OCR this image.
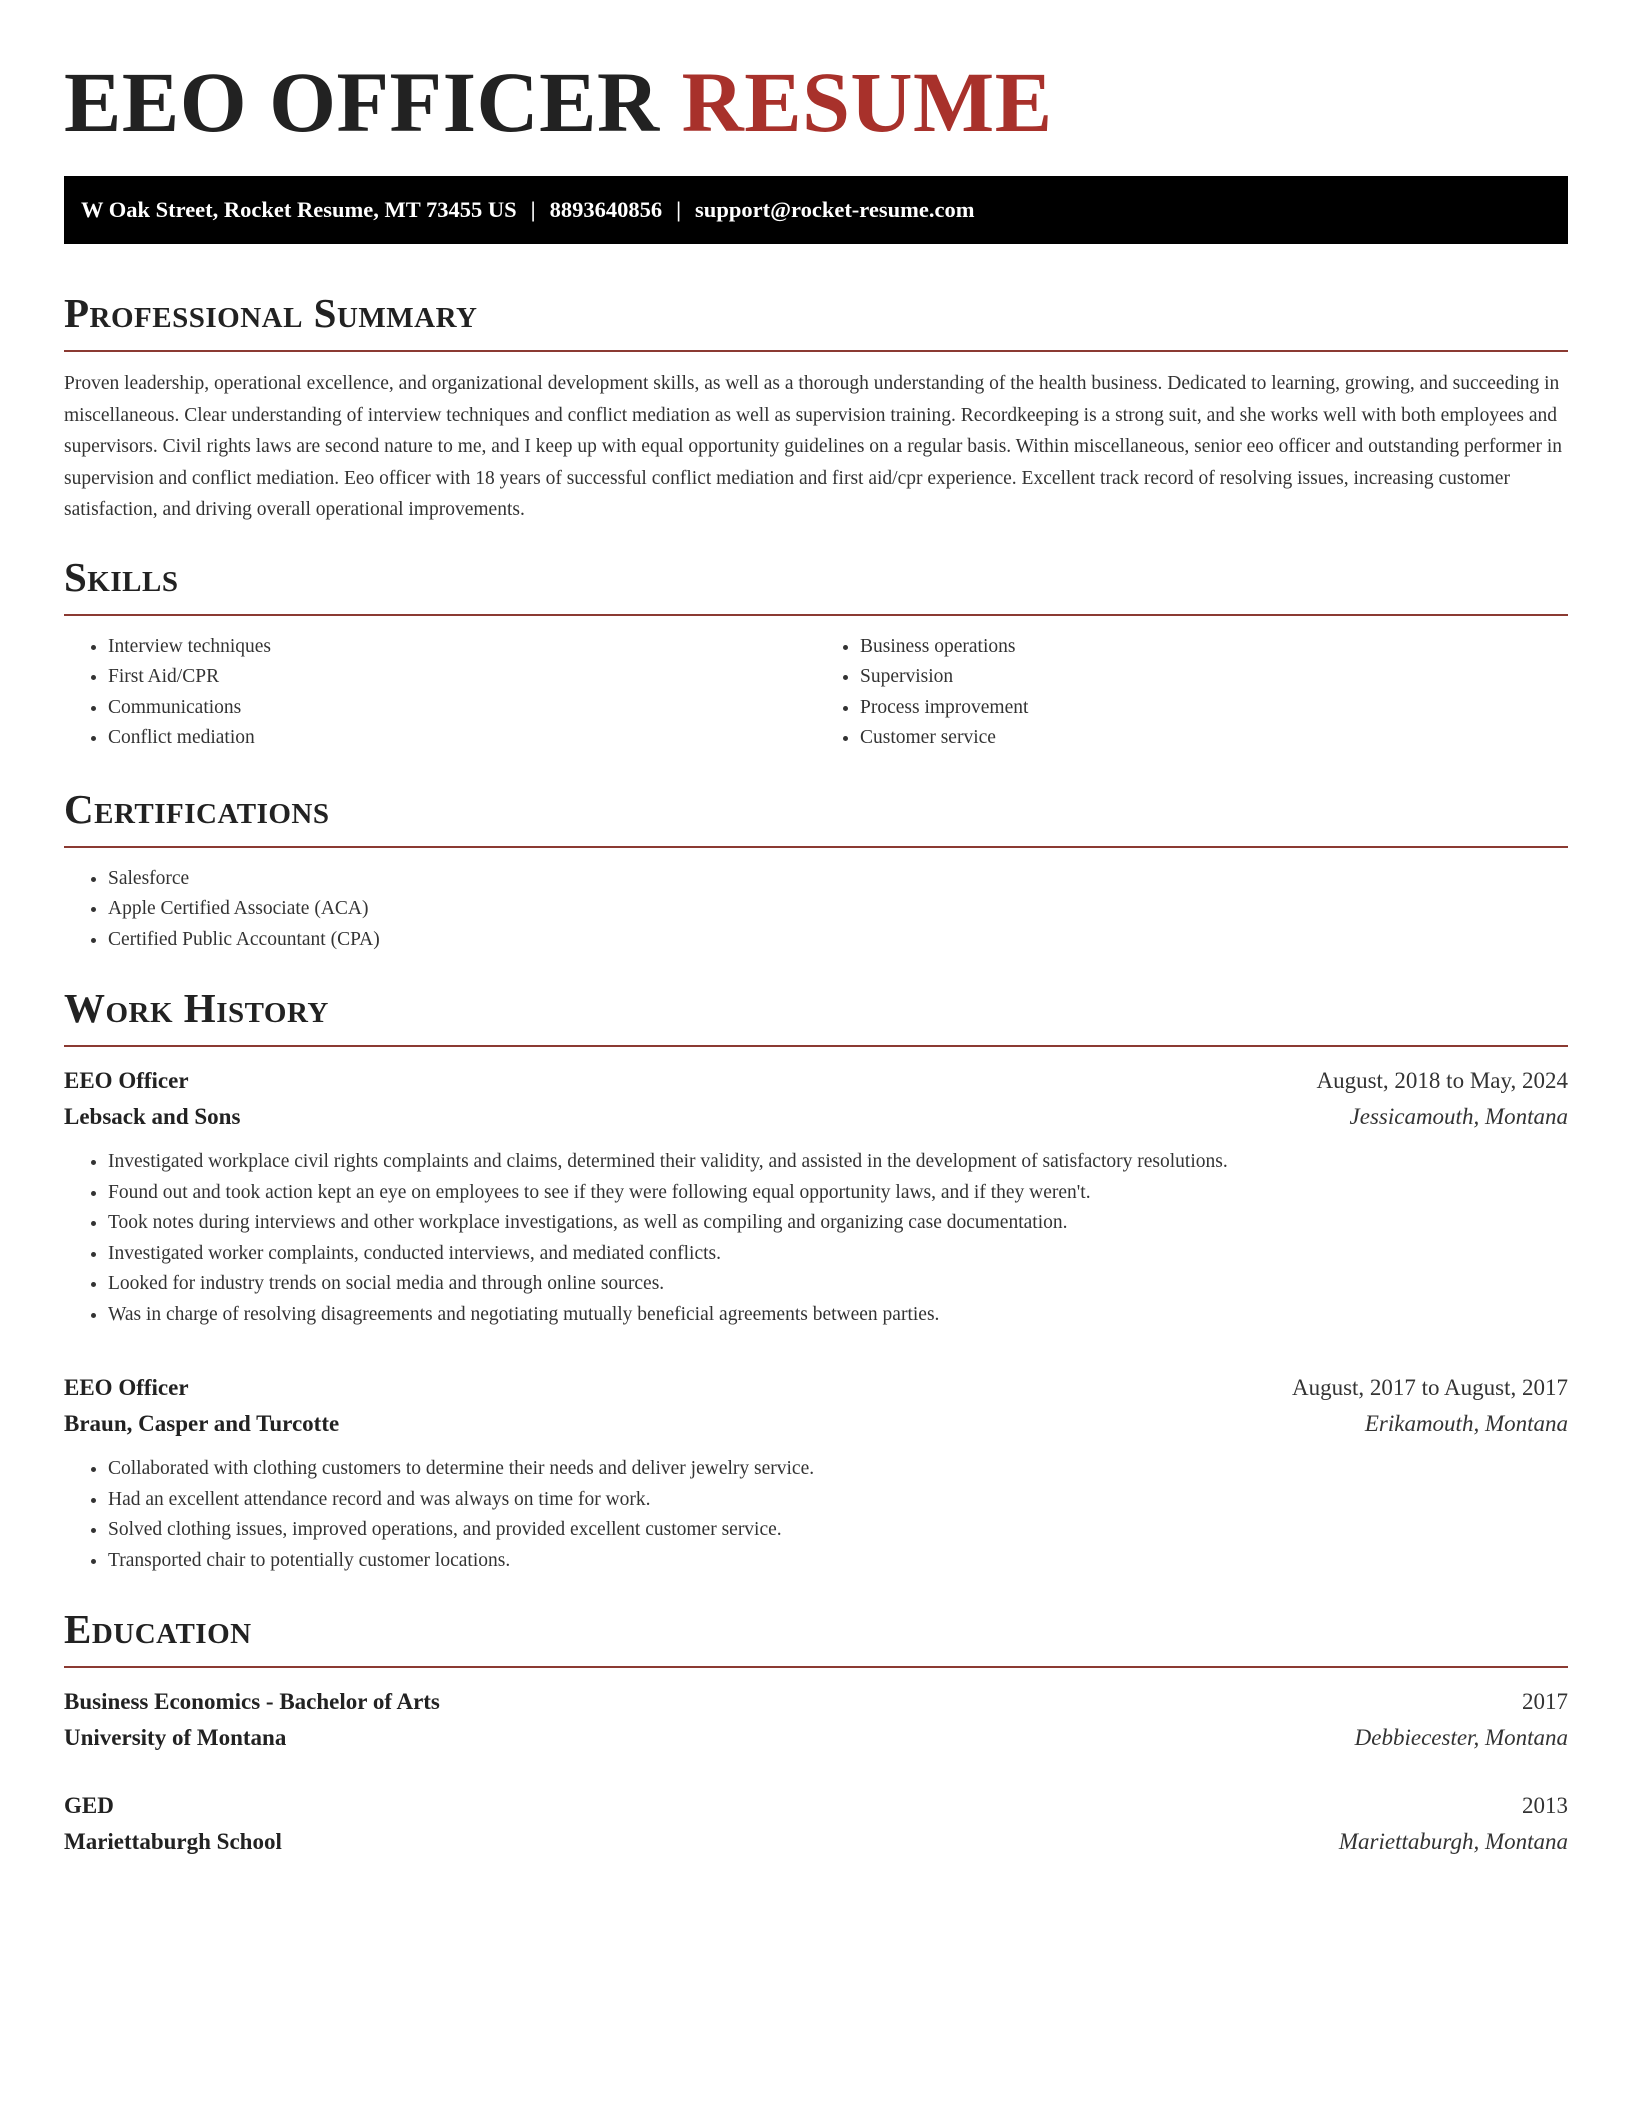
EEO OFFICER RESUME
W Oak Street, Rocket Resume, MT 73455 US | 8893640856 | support@rocket-resume.com
Professional Summary

Proven leadership, operational excellence, and organizational development skills, as well as a thorough understanding of the health business. Dedicated to learning, growing, and succeeding in miscellaneous. Clear understanding of interview techniques and conflict mediation as well as supervision training. Recordkeeping is a strong suit, and she works well with both employees and supervisors. Civil rights laws are second nature to me, and I keep up with equal opportunity guidelines on a regular basis. Within miscellaneous, senior eeo officer and outstanding performer in supervision and conflict mediation. Eeo officer with 18 years of successful conflict mediation and first aid/cpr experience. Excellent track record of resolving issues, increasing customer satisfaction, and driving overall operational improvements.

Skills
• Interview techniques
• First Aid/CPR
• Communications
• Conflict mediation
• Business operations
• Supervision
• Process improvement
• Customer service
Certifications
• Salesforce
• Apple Certified Associate (ACA)
• Certified Public Accountant (CPA)
Work History
EEO Officer	August, 2018 to May, 2024
Lebsack and Sons	Jessicamouth, Montana
• Investigated workplace civil rights complaints and claims, determined their validity, and assisted in the development of satisfactory resolutions.
• Found out and took action kept an eye on employees to see if they were following equal opportunity laws, and if they weren't.
• Took notes during interviews and other workplace investigations, as well as compiling and organizing case documentation.
• Investigated worker complaints, conducted interviews, and mediated conflicts.
• Looked for industry trends on social media and through online sources.
• Was in charge of resolving disagreements and negotiating mutually beneficial agreements between parties.
EEO Officer	August, 2017 to August, 2017
Braun, Casper and Turcotte	Erikamouth, Montana
• Collaborated with clothing customers to determine their needs and deliver jewelry service.
• Had an excellent attendance record and was always on time for work.
• Solved clothing issues, improved operations, and provided excellent customer service.
• Transported chair to potentially customer locations.
Education
Business Economics - Bachelor of Arts	2017
University of Montana	Debbiecester, Montana
GED	2013
Mariettaburgh School	Mariettaburgh, Montana
